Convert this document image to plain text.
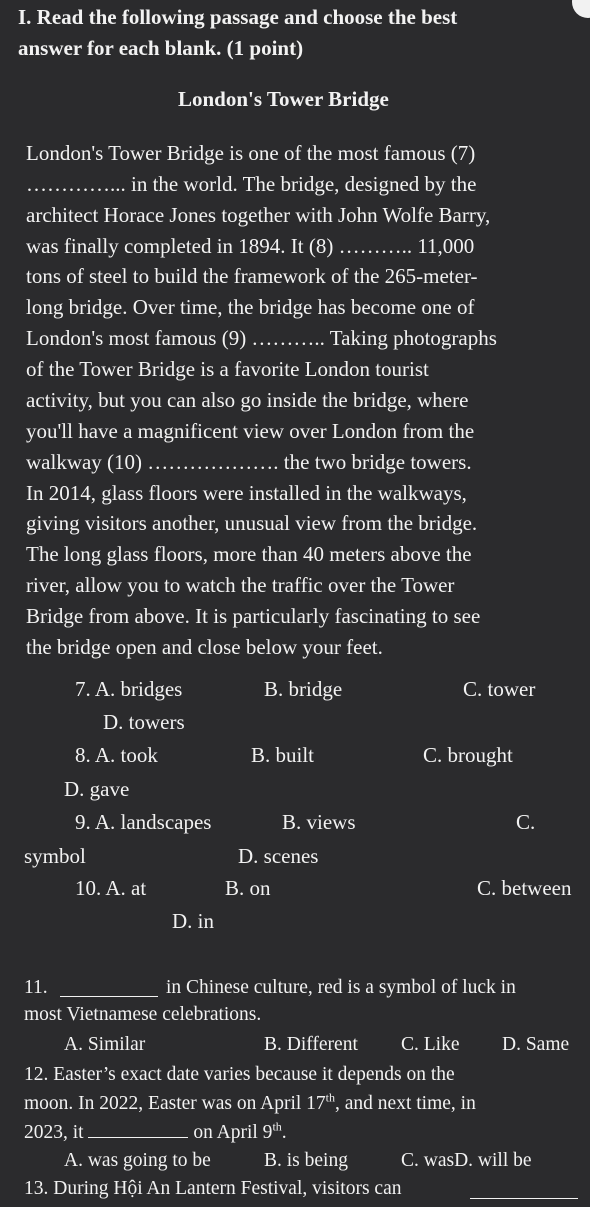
I. Read the following passage and choose the best
answer for each blank. (1 point)
London's Tower Bridge
London's Tower Bridge is one of the most famous (7)
…………... in the world. The bridge, designed by the
architect Horace Jones together with John Wolfe Barry,
was finally completed in 1894. It (8) ……….. 11,000
tons of steel to build the framework of the 265-meter-
long bridge. Over time, the bridge has become one of
London's most famous (9) ……….. Taking photographs
of the Tower Bridge is a favorite London tourist
activity, but you can also go inside the bridge, where
you'll have a magnificent view over London from the
walkway (10) ………………. the two bridge towers.
In 2014, glass floors were installed in the walkways,
giving visitors another, unusual view from the bridge.
The long glass floors, more than 40 meters above the
river, allow you to watch the traffic over the Tower
Bridge from above. It is particularly fascinating to see
the bridge open and close below your feet.
7. A. bridges	B. bridge	C. tower
D. towers
8. A. took	B. built	C. brought
D. gave
9. A. landscapes	B. views	C.
symbol	D. scenes
10. A. at	B. on	C. between
D. in
11.	in Chinese culture, red is a symbol of luck in
most Vietnamese celebrations.
A. Similar	B. Different C. Like D. Same
12. Easter’s exact date varies because it depends on the
moon. In 2022, Easter was on April 17th, and next time, in
2023, it	on April 9th.
A. was going to be	B. is being	C. wasD. will be
13. During Hội An Lantern Festival, visitors can
